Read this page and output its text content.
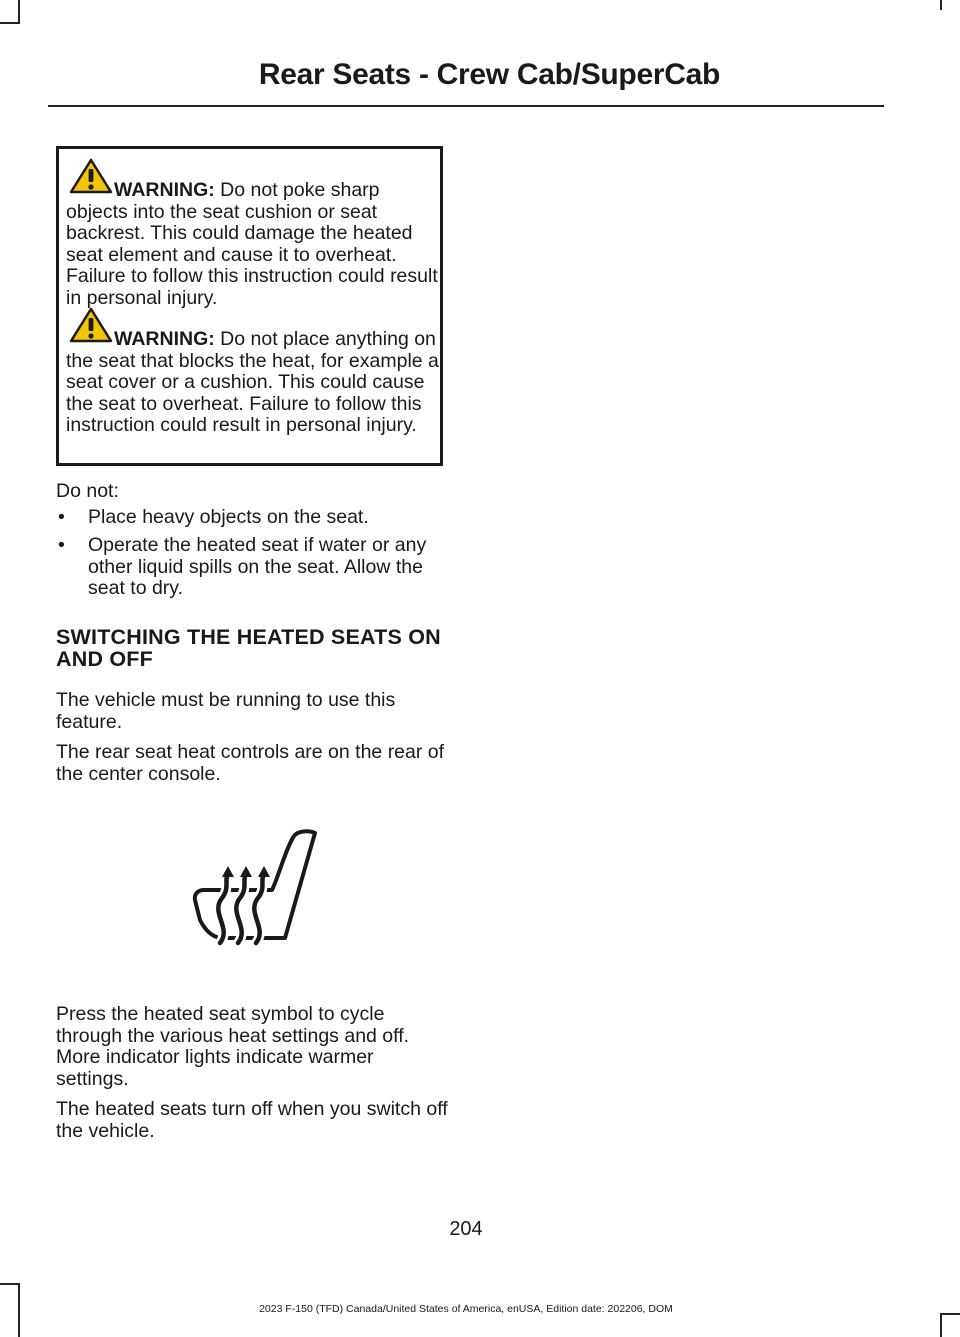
Rear Seats - Crew Cab/SuperCab
WARNING: Do not poke sharp objects into the seat cushion or seat backrest. This could damage the heated seat element and cause it to overheat. Failure to follow this instruction could result in personal injury.
WARNING: Do not place anything on the seat that blocks the heat, for example a seat cover or a cushion. This could cause the seat to overheat. Failure to follow this instruction could result in personal injury.
Do not:
• Place heavy objects on the seat.
• Operate the heated seat if water or any other liquid spills on the seat. Allow the seat to dry.
SWITCHING THE HEATED SEATS ON AND OFF
The vehicle must be running to use this feature.
The rear seat heat controls are on the rear of the center console.
Press the heated seat symbol to cycle through the various heat settings and off. More indicator lights indicate warmer settings.
The heated seats turn off when you switch off the vehicle.
204
2023 F-150 (TFD) Canada/United States of America, enUSA, Edition date: 202206, DOM
